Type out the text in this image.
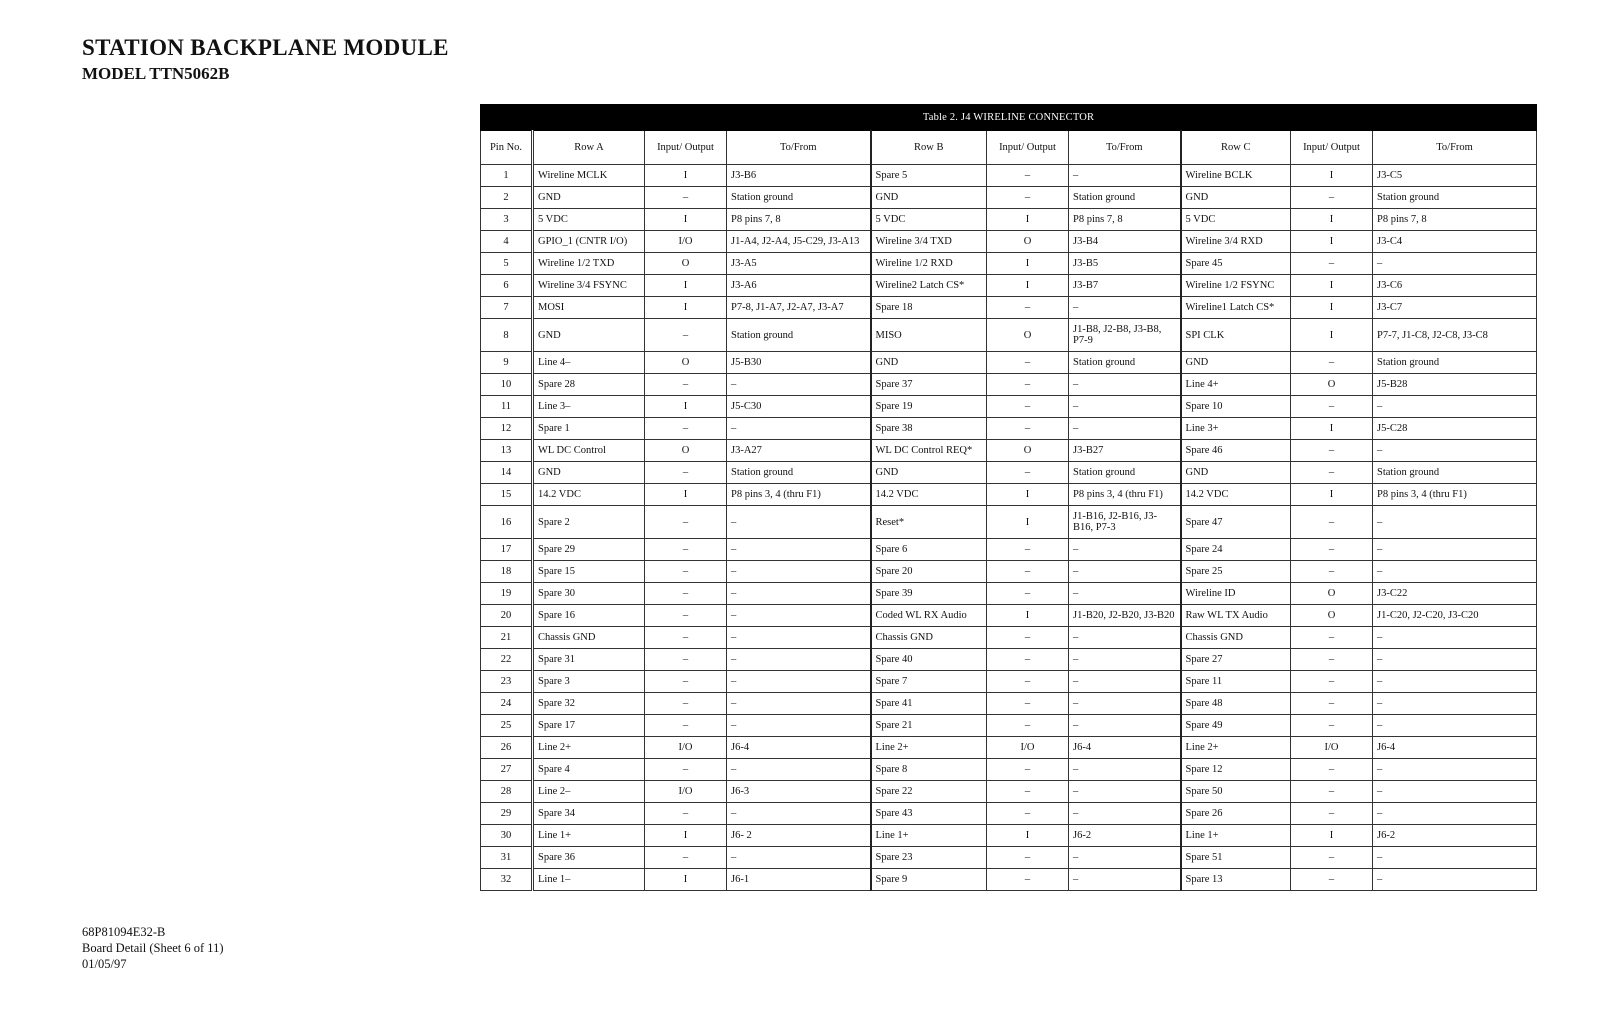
STATION BACKPLANE MODULE
MODEL TTN5062B
Table 2. J4 WIRELINE CONNECTOR									
Pin No.	Row A	Input/ Output	To/From	Row B	Input/ Output	To/From	Row C	Input/ Output	To/From
1	Wireline MCLK	I	J3-B6	Spare 5	–	–	Wireline BCLK	I	J3-C5
2	GND	–	Station ground	GND	–	Station ground	GND	–	Station ground
3	5 VDC	I	P8 pins 7, 8	5 VDC	I	P8 pins 7, 8	5 VDC	I	P8 pins 7, 8
4	GPIO_1 (CNTR I/O)	I/O	J1-A4, J2-A4, J5-C29, J3-A13	Wireline 3/4 TXD	O	J3-B4	Wireline 3/4 RXD	I	J3-C4
5	Wireline 1/2 TXD	O	J3-A5	Wireline 1/2 RXD	I	J3-B5	Spare 45	–	–
6	Wireline 3/4 FSYNC	I	J3-A6	Wireline2 Latch CS*	I	J3-B7	Wireline 1/2 FSYNC	I	J3-C6
7	MOSI	I	P7-8, J1-A7, J2-A7, J3-A7	Spare 18	–	–	Wireline1 Latch CS*	I	J3-C7
8	GND	–	Station ground	MISO	O	J1-B8, J2-B8, J3-B8, P7-9	SPI CLK	I	P7-7, J1-C8, J2-C8, J3-C8
9	Line 4–	O	J5-B30	GND	–	Station ground	GND	–	Station ground
10	Spare 28	–	–	Spare 37	–	–	Line 4+	O	J5-B28
11	Line 3–	I	J5-C30	Spare 19	–	–	Spare 10	–	–
12	Spare 1	–	–	Spare 38	–	–	Line 3+	I	J5-C28
13	WL DC Control	O	J3-A27	WL DC Control REQ*	O	J3-B27	Spare 46	–	–
14	GND	–	Station ground	GND	–	Station ground	GND	–	Station ground
15	14.2 VDC	I	P8 pins 3, 4 (thru F1)	14.2 VDC	I	P8 pins 3, 4 (thru F1)	14.2 VDC	I	P8 pins 3, 4 (thru F1)
16	Spare 2	–	–	Reset*	I	J1-B16, J2-B16, J3-B16, P7-3	Spare 47	–	–
17	Spare 29	–	–	Spare 6	–	–	Spare 24	–	–
18	Spare 15	–	–	Spare 20	–	–	Spare 25	–	–
19	Spare 30	–	–	Spare 39	–	–	Wireline ID	O	J3-C22
20	Spare 16	–	–	Coded WL RX Audio	I	J1-B20, J2-B20, J3-B20	Raw WL TX Audio	O	J1-C20, J2-C20, J3-C20
21	Chassis GND	–	–	Chassis GND	–	–	Chassis GND	–	–
22	Spare 31	–	–	Spare 40	–	–	Spare 27	–	–
23	Spare 3	–	–	Spare 7	–	–	Spare 11	–	–
24	Spare 32	–	–	Spare 41	–	–	Spare 48	–	–
25	Spare 17	–	–	Spare 21	–	–	Spare 49	–	–
26	Line 2+	I/O	J6-4	Line 2+	I/O	J6-4	Line 2+	I/O	J6-4
27	Spare 4	–	–	Spare 8	–	–	Spare 12	–	–
28	Line 2–	I/O	J6-3	Spare 22	–	–	Spare 50	–	–
29	Spare 34	–	–	Spare 43	–	–	Spare 26	–	–
30	Line 1+	I	J6- 2	Line 1+	I	J6-2	Line 1+	I	J6-2
31	Spare 36	–	–	Spare 23	–	–	Spare 51	–	–
32	Line 1–	I	J6-1	Spare 9	–	–	Spare 13	–	–
68P81094E32-B
Board Detail (Sheet 6 of 11)
01/05/97
